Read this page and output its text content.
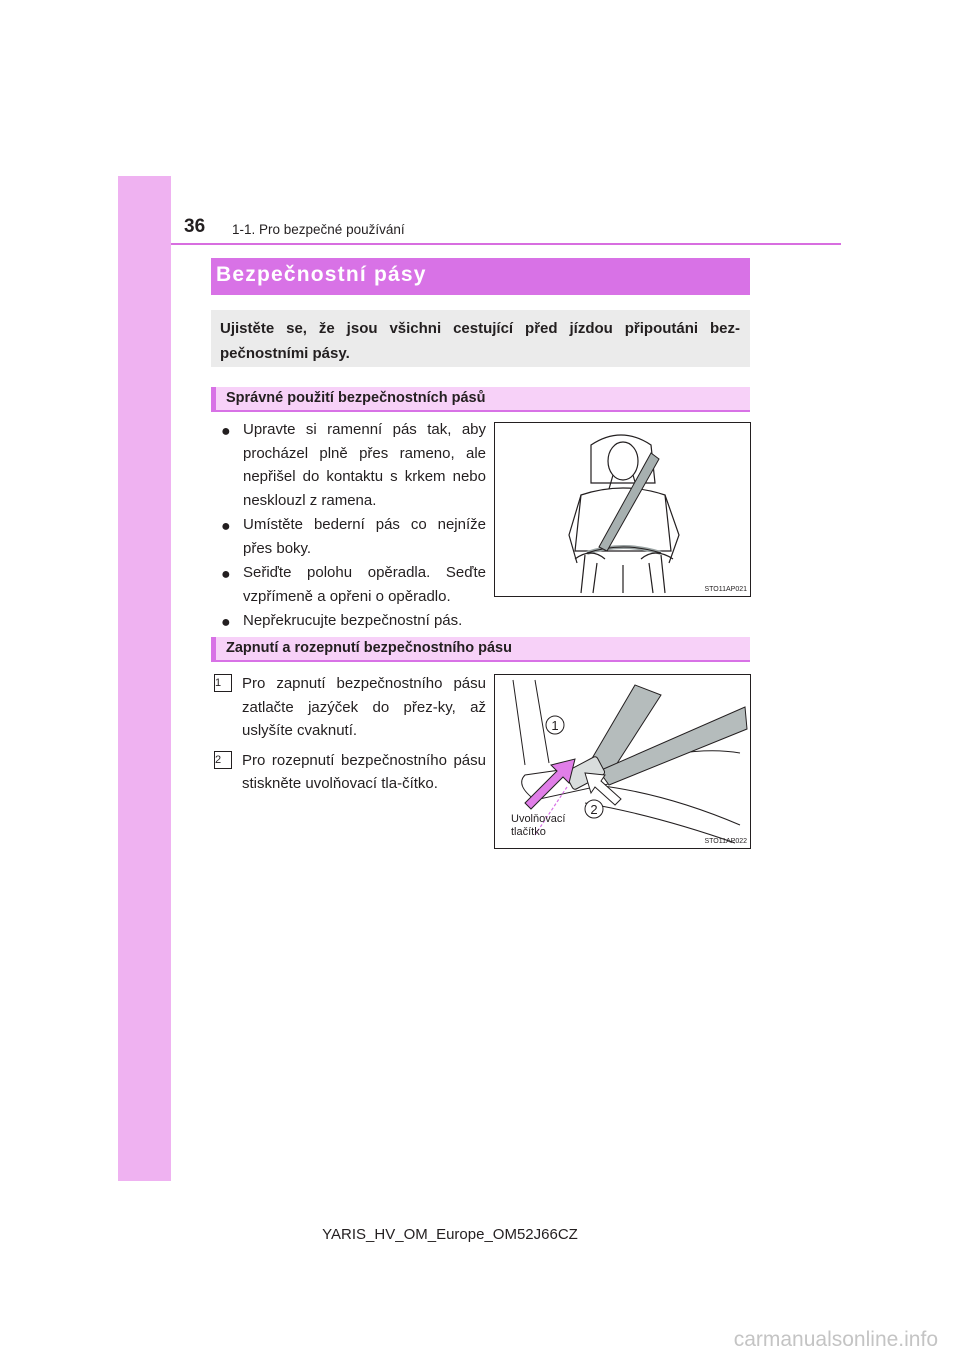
36 1-1. Pro bezpečné používání
Bezpečnostní pásy
Ujistěte se, že jsou všichni cestující před jízdou připoutáni bez-pečnostními pásy.
Správné použití bezpečnostních pásů
● Upravte si ramenní pás tak, aby procházel plně přes rameno, ale nepřišel do kontaktu s krkem nebo nesklouzl z ramena.
● Umístěte bederní pás co nejníže přes boky.
● Seřiďte polohu opěradla. Seďte vzpřímeně a opřeni o opěradlo.
● Nepřekrucujte bezpečnostní pás.
STO11AP021
Zapnutí a rozepnutí bezpečnostního pásu
1	Pro zapnutí bezpečnostního pásu zatlačte jazýček do přez-ky, až uslyšíte cvaknutí.
2	Pro rozepnutí bezpečnostního pásu stiskněte uvolňovací tla-čítko.
1
2
Uvolňovací
tlačítko
STO11AP022
YARIS_HV_OM_Europe_OM52J66CZ
carmanualsonline.info
